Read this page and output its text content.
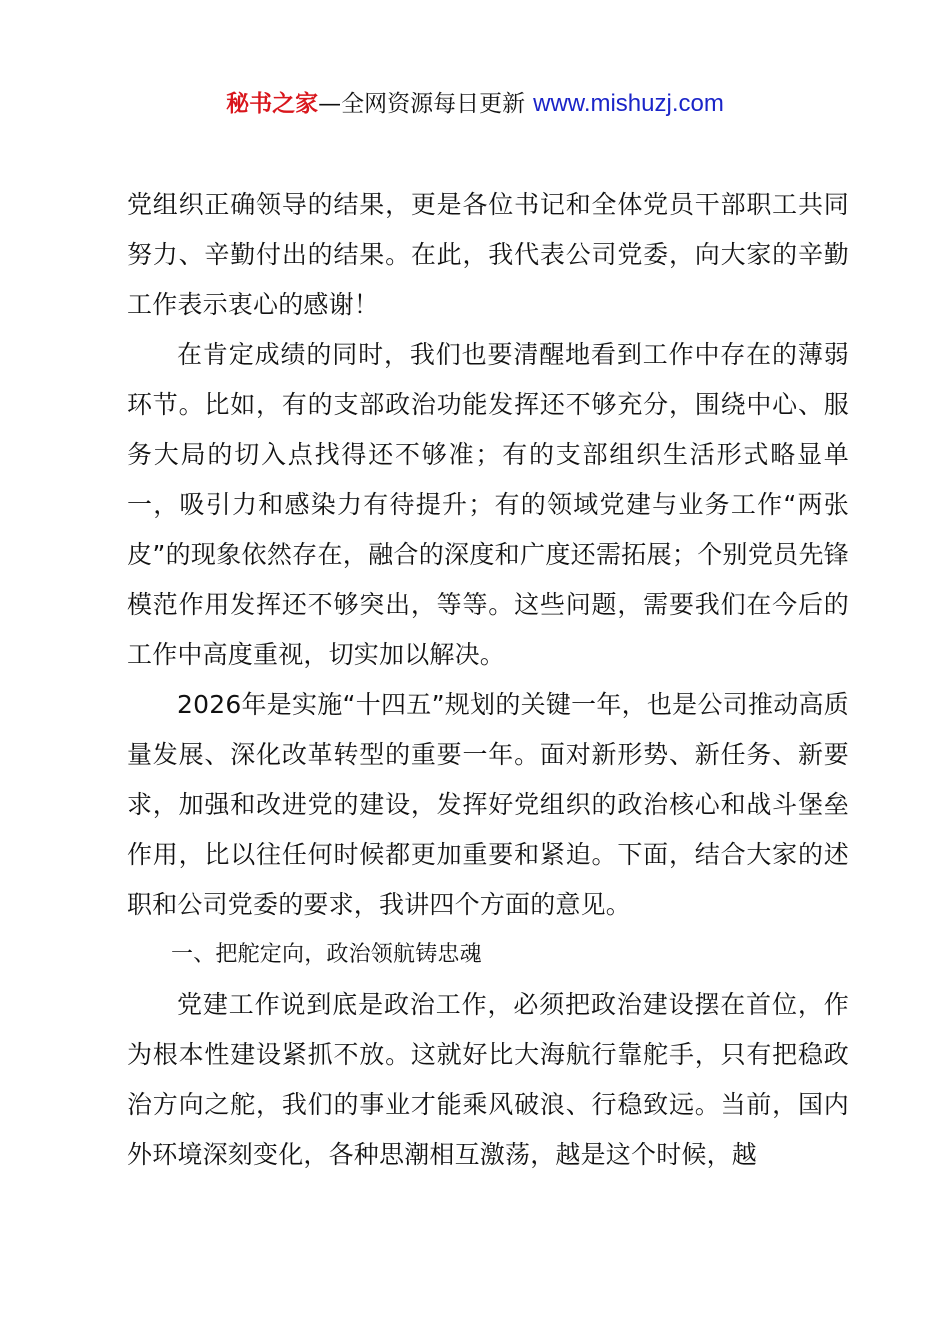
秘书之家—全网资源每日更新 www.mishuzj.com

党组织正确领导的结果，更是各位书记和全体党员干部职工共同努力、辛勤付出的结果。在此，我代表公司党委，向大家的辛勤工作表示衷心的感谢！

在肯定成绩的同时，我们也要清醒地看到工作中存在的薄弱环节。比如，有的支部政治功能发挥还不够充分，围绕中心、服务大局的切入点找得还不够准；有的支部组织生活形式略显单一，吸引力和感染力有待提升；有的领域党建与业务工作“两张皮”的现象依然存在，融合的深度和广度还需拓展；个别党员先锋模范作用发挥还不够突出，等等。这些问题，需要我们在今后的工作中高度重视，切实加以解决。

2026年是实施“十四五”规划的关键一年，也是公司推动高质量发展、深化改革转型的重要一年。面对新形势、新任务、新要求，加强和改进党的建设，发挥好党组织的政治核心和战斗堡垒作用，比以往任何时候都更加重要和紧迫。下面，结合大家的述职和公司党委的要求，我讲四个方面的意见。

一、把舵定向，政治领航铸忠魂

党建工作说到底是政治工作，必须把政治建设摆在首位，作为根本性建设紧抓不放。这就好比大海航行靠舵手，只有把稳政治方向之舵，我们的事业才能乘风破浪、行稳致远。当前，国内外环境深刻变化，各种思潮相互激荡，越是这个时候，越
